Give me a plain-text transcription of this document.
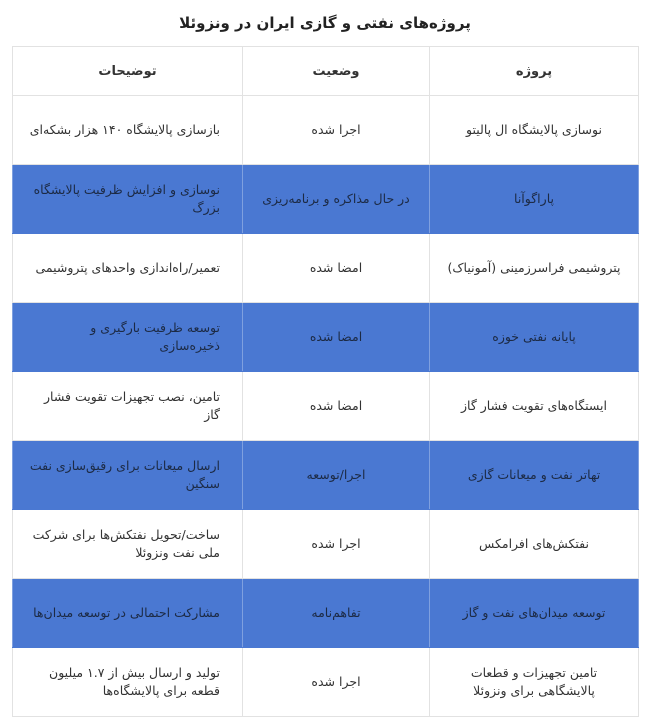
پروژه‌های نفتی و گازی ایران در ونزوئلا
پروژه	وضعیت	توضیحات
نوسازی پالایشگاه ال پالیتو	اجرا شده	بازسازی پالایشگاه ۱۴۰ هزار بشکه‌ای
پاراگوآنا	در حال مذاکره و برنامه‌ریزی	نوسازی و افزایش ظرفیت پالایشگاه بزرگ
پتروشیمی فراسرزمینی (آمونیاک)	امضا شده	تعمیر/راه‌اندازی واحدهای پتروشیمی
پایانه نفتی خوزه	امضا شده	توسعه ظرفیت بارگیری و ذخیره‌سازی
ایستگاه‌های تقویت فشار گاز	امضا شده	تامین، نصب تجهیزات تقویت فشار گاز
تهاتر نفت و میعانات گازی	اجرا/توسعه	ارسال میعانات برای رقیق‌سازی نفت سنگین
نفتکش‌های افرامکس	اجرا شده	ساخت/تحویل نفتکش‌ها برای شرکت ملی نفت ونزوئلا
توسعه میدان‌های نفت و گاز	تفاهم‌نامه	مشارکت احتمالی در توسعه میدان‌ها
تامین تجهیزات و قطعات پالایشگاهی برای ونزوئلا	اجرا شده	تولید و ارسال بیش از ۱.۷ میلیون قطعه برای پالایشگاه‌ها
